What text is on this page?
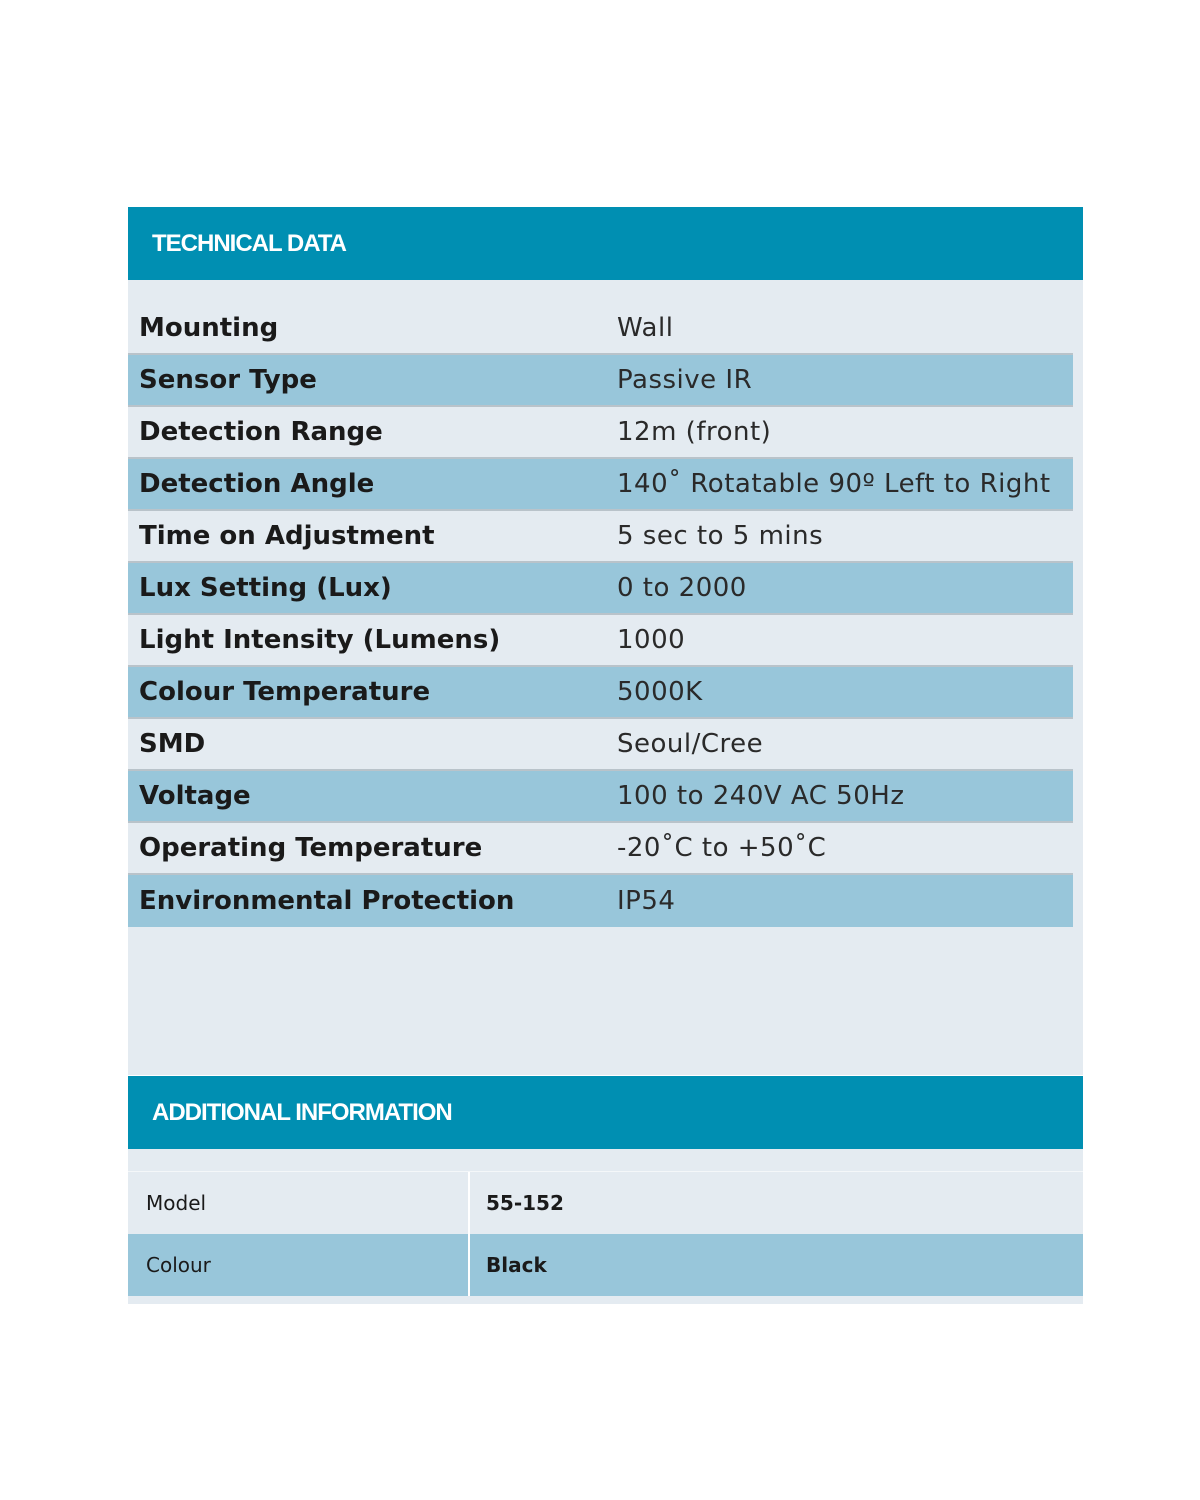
TECHNICAL DATA
Mounting	Wall
Sensor Type	Passive IR
Detection Range	12m (front)
Detection Angle	140˚ Rotatable 90º Left to Right
Time on Adjustment	5 sec to 5 mins
Lux Setting (Lux)	0 to 2000
Light Intensity (Lumens)	1000
Colour Temperature	5000K
SMD	Seoul/Cree
Voltage	100 to 240V AC 50Hz
Operating Temperature	-20˚C to +50˚C
Environmental Protection	IP54
ADDITIONAL INFORMATION
Model	55-152
Colour	Black
